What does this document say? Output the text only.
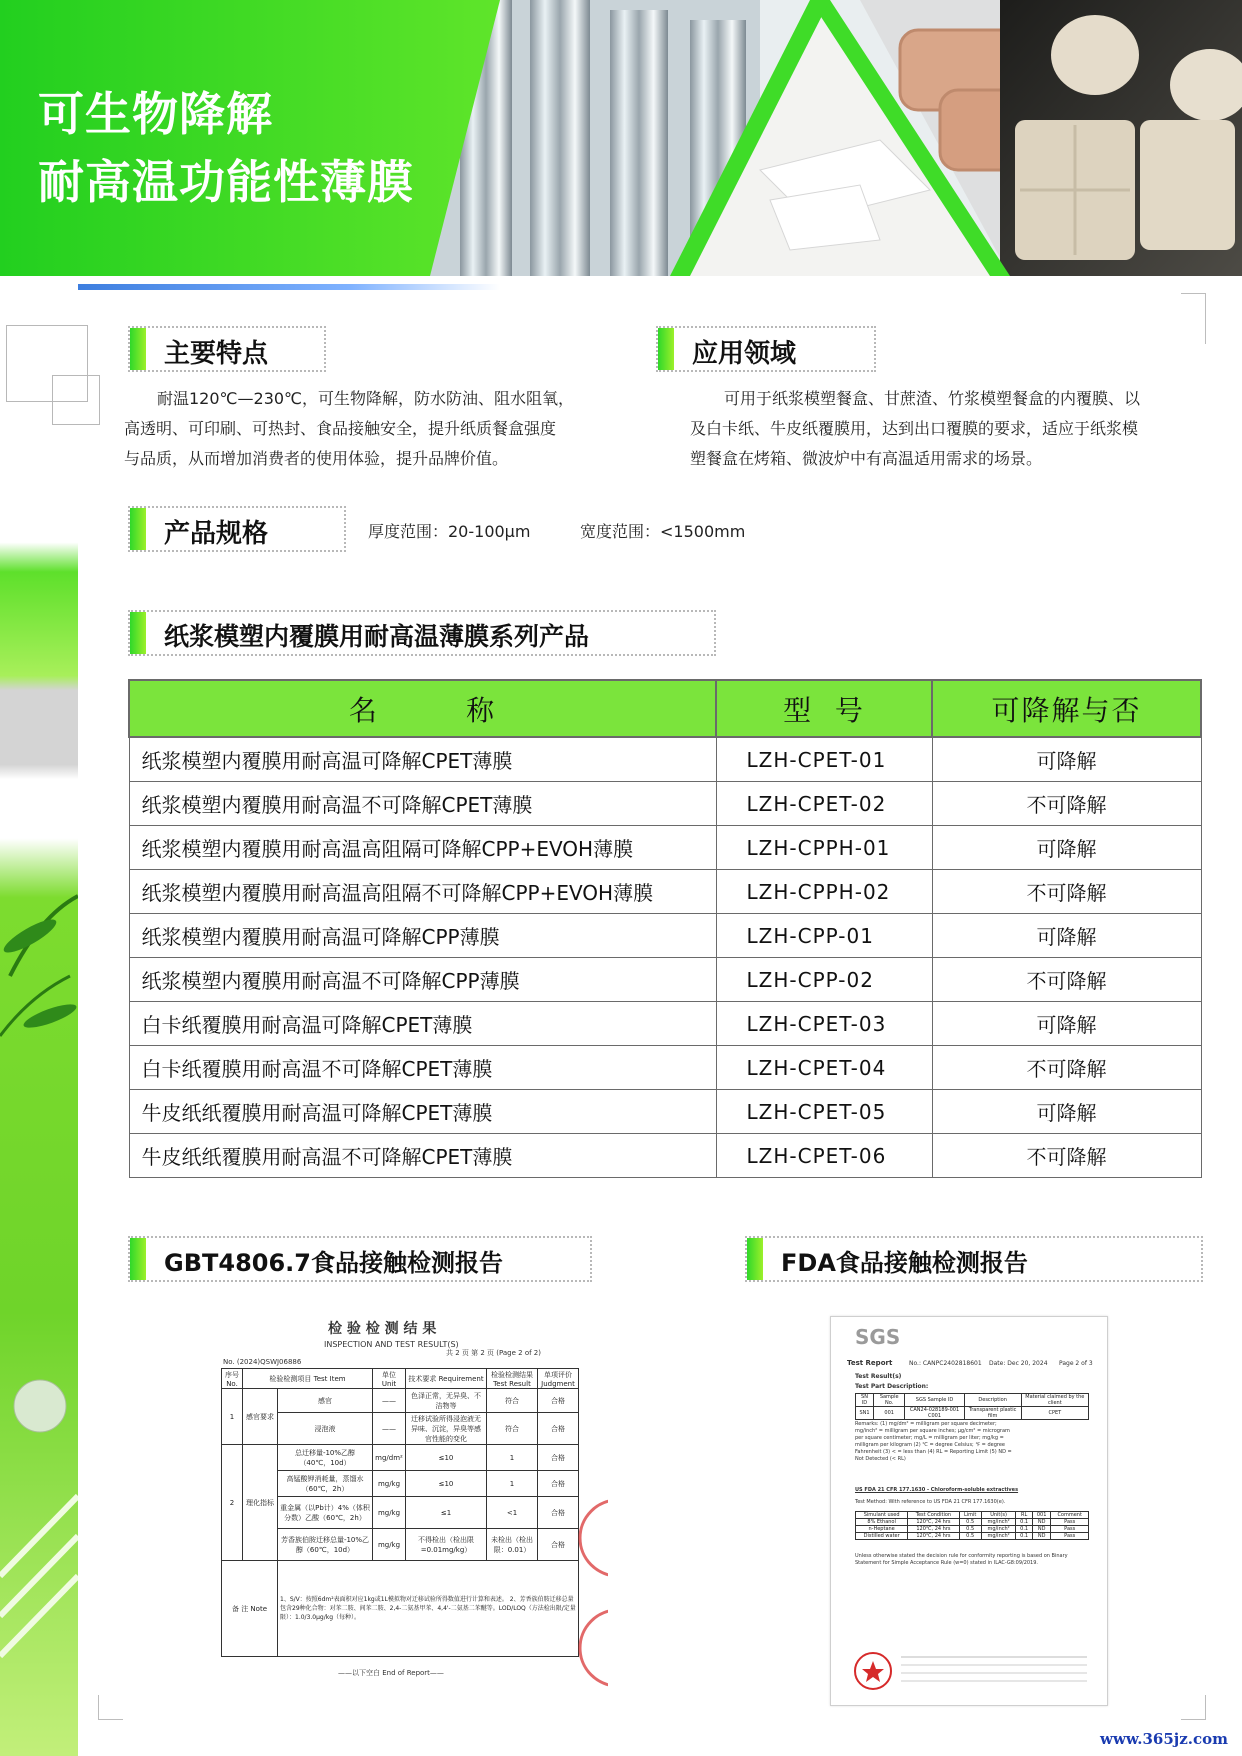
可生物降解
耐高温功能性薄膜
主要特点
耐温120℃—230℃，可生物降解，防水防油、阻水阻氧，
高透明、可印刷、可热封、食品接触安全，提升纸质餐盒强度
与品质，从而增加消费者的使用体验，提升品牌价值。
应用领域
可用于纸浆模塑餐盒、甘蔗渣、竹浆模塑餐盒的内覆膜、以
及白卡纸、牛皮纸覆膜用，达到出口覆膜的要求，适应于纸浆模
塑餐盒在烤箱、微波炉中有高温适用需求的场景。
产品规格	厚度范围：20-100μm	宽度范围：<1500mm
纸浆模塑内覆膜用耐高温薄膜系列产品
名        称	型  号	可降解与否
纸浆模塑内覆膜用耐高温可降解CPET薄膜	LZH-CPET-01	可降解
纸浆模塑内覆膜用耐高温不可降解CPET薄膜	LZH-CPET-02	不可降解
纸浆模塑内覆膜用耐高温高阻隔可降解CPP+EVOH薄膜	LZH-CPPH-01	可降解
纸浆模塑内覆膜用耐高温高阻隔不可降解CPP+EVOH薄膜	LZH-CPPH-02	不可降解
纸浆模塑内覆膜用耐高温可降解CPP薄膜	LZH-CPP-01	可降解
纸浆模塑内覆膜用耐高温不可降解CPP薄膜	LZH-CPP-02	不可降解
白卡纸覆膜用耐高温可降解CPET薄膜	LZH-CPET-03	可降解
白卡纸覆膜用耐高温不可降解CPET薄膜	LZH-CPET-04	不可降解
牛皮纸纸覆膜用耐高温可降解CPET薄膜	LZH-CPET-05	可降解
牛皮纸纸覆膜用耐高温不可降解CPET薄膜	LZH-CPET-06	不可降解
GBT4806.7食品接触检测报告
检 验 检 测 结 果
INSPECTION AND TEST RESULT(S)
No. (2024)QSWJ06886
共 2 页 第 2 页 (Page 2 of 2)
序号 No.	检验检测项目 Test Item		单位 Unit	技术要求 Requirement	检验检测结果 Test Result	单项评价 Judgment
1	感官要求	感官	——	色泽正常，无异臭、不洁物等	符合	合格
		浸泡液	——	迁移试验所得浸泡液无异味、沉淀，异臭等感官性能的变化	符合	合格
2	理化指标	总迁移量-10%乙醇（40℃，10d）	mg/dm²	≤10	1	合格
		高锰酸钾消耗量，蒸馏水（60℃，2h）	mg/kg	≤10	1	合格
		重金属（以Pb计）4%（体积分数）乙酸（60℃，2h）	mg/kg	≤1	<1	合格
		芳香族伯胺迁移总量-10%乙醇（60℃，10d）	mg/kg	不得检出（检出限=0.01mg/kg）	未检出（检出限：0.01）	合格
备 注 Note		1、S/V：按照6dm²表面积对应1kg或1L模拟物对迁移试验所得数值进行计算和表述。 2、芳香族伯胺迁移总量包含29种化合物：对苯二胺、间苯二胺、2,4-二氨基甲苯、4,4'-二氨基二苯醚等。LOD/LOQ（方法检出限/定量限）：1.0/3.0μg/kg（每种）。				
——以下空白 End of Report——
FDA食品接触检测报告
SGS
Test Report	No.: CANPC2402818601 Date: Dec 20, 2024 Page 2 of 3
Test Result(s)
Test Part Description:
SN ID	Sample No.	SGS Sample ID	Description	Material claimed by the client
SN1	001	CAN24-028189-001 C001	Transparent plastic film	CPET
Remarks: (1) mg/dm² = milligram per square decimeter; mg/inch² = milligram per square inches; μg/cm² = microgram per square centimeter; mg/L = milligram per liter; mg/kg = milligram per kilogram (2) ℃ = degree Celsius; ℉ = degree Fahrenheit (3) < = less than (4) RL = Reporting Limit (5) ND = Not Detected (< RL)
US FDA 21 CFR 177.1630 - Chloroform-soluble extractives
Test Method: With reference to US FDA 21 CFR 177.1630(e).
Simulant used	Test Condition	Limit	Unit(s)	RL	001	Comment
8% Ethanol	120℃, 24 hrs	0.5	mg/inch²	0.1	ND	Pass
n-Heptane	120℃, 24 hrs	0.5	mg/inch²	0.1	ND	Pass
Distilled water	120℃, 24 hrs	0.5	mg/inch²	0.1	ND	Pass
Unless otherwise stated the decision rule for conformity reporting is based on Binary Statement for Simple Acceptance Rule (w=0) stated in ILAC-G8:09/2019.
www.365jz.com
